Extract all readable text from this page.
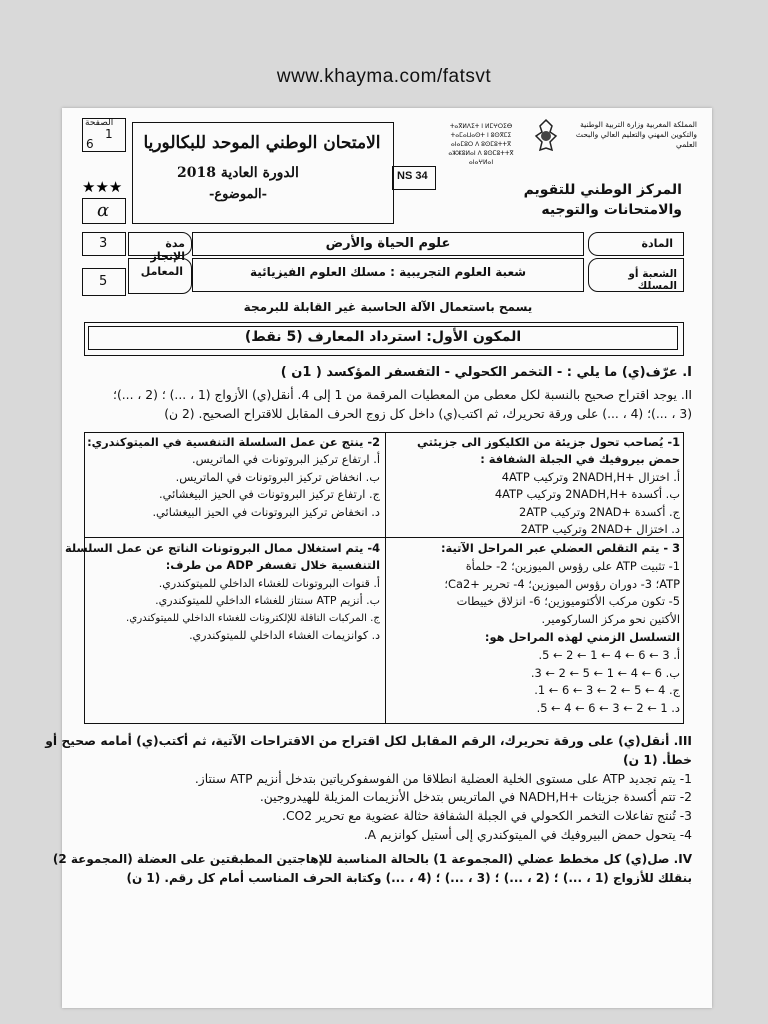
www.khayma.com/fatsvt
الصفحة
1
6
★★★
α
الامتحان الوطني الموحد للبكالوريا
الدورة العادية 2018
-الموضوع-
NS 34
ⵜⴰⴳⵍⴷⵉⵜ ⵏ ⵍⵎⵖⵔⵉⴱ ⵜⴰⵎⴰⵡⴰⵙⵜ ⵏ ⵓⵙⴳⵎⵉ ⴰⵏⴰⵎⵓⵔ ⴷ ⵓⵙⵎⵓⵜⵜⴳ ⴰⵣⵣⵓⵍⴰⵏ ⴷ ⵓⵙⵎⵓⵜⵜⴳ ⴰⵏⴰⵖⵍⴰⵏ
المملكة المغربية وزارة التربية الوطنية والتكوين المهني والتعليم العالي والبحث العلمي
المركز الوطني للتقويم والامتحانات والتوجيه
مدة الإنجاز
3	علوم الحياة والأرض	المادة
المعامل
5
شعبة العلوم التجريبية : مسلك العلوم الفيزيائية	الشعبة أو المسلك
يسمح باستعمال الآلة الحاسبة غير القابلة للبرمجة
المكون الأول: استرداد المعارف (5 نقط)
I. عرّف(ي) ما يلي : - التخمر الكحولي - التفسفر المؤكسد ( 1ن )
II. يوجد اقتراح صحيح بالنسبة لكل معطى من المعطيات المرقمة من 1 إلى 4. أنقل(ي) الأزواج (1 ، ...) ؛ (2 ، ...)؛
(3 ، ...)؛ (4 ، ...) على ورقة تحريرك، ثم اكتب(ي) داخل كل زوج الحرف المقابل للاقتراح الصحيح. (2 ن)
1- يُصاحب تحول جزيئة من الكليكوز الى جزيئتي
حمض بيروفيك في الجبلة الشفافة :
أ. اختزال +2NADH,H وتركيب 4ATP
ب. أكسدة +2NADH,H وتركيب 4ATP
ج. أكسدة +2NAD وتركيب 2ATP
د. اختزال +2NAD وتركيب 2ATP
2- ينتج عن عمل السلسلة التنفسية في الميتوكندري:
أ. ارتفاع تركيز البروتونات في الماتريس.
ب. انخفاض تركيز البروتونات في الماتريس.
ج. ارتفاع تركيز البروتونات في الحيز البيغشائي.
د. انخفاض تركيز البروتونات في الحيز البيغشائي.
3 - يتم التقلص العضلي عبر المراحل الآتية:
1- تثبيت ATP على رؤوس الميوزين؛ 2- حلمأة
ATP؛ 3- دوران رؤوس الميوزين؛ 4- تحرير +Ca2؛
5- تكون مركب الأكتوميوزين؛ 6- انزلاق خييطات
الأكتين نحو مركز الساركومير.
التسلسل الزمني لهذه المراحل هو:
أ. 3 ← 6 ← 4 ← 1 ← 2 ← 5.
ب. 6 ← 4 ← 1 ← 5 ← 2 ← 3.
ج. 4 ← 5 ← 2 ← 3 ← 6 ← 1.
د. 1 ← 2 ← 3 ← 6 ← 4 ← 5.
4- يتم استغلال ممال البروتونات الناتج عن عمل السلسلة
التنفسية خلال تفسفر ADP من طرف:
أ. قنوات البروتونات للغشاء الداخلي للميتوكندري.
ب. أنزيم ATP سنتاز للغشاء الداخلي للميتوكندري.
ج. المركبات الناقلة للإلكترونات للغشاء الداخلي للميتوكندري.
د. كوانزيمات الغشاء الداخلي للميتوكندري.
III. أنقل(ي) على ورقة تحريرك، الرقم المقابل لكل اقتراح من الاقتراحات الآتية، ثم أكتب(ي) أمامه صحيح أو
خطأ. (1 ن)
1- يتم تجديد ATP على مستوى الخلية العضلية انطلاقا من الفوسفوكرياتين بتدخل أنزيم ATP سنتاز.
2- تتم أكسدة جزيئات +NADH,H في الماتريس بتدخل الأنزيمات المزيلة للهيدروجين.
3- تُنتج تفاعلات التخمر الكحولي في الجبلة الشفافة حثالة عضوية مع تحرير CO2.
4- يتحول حمض البيروفيك في الميتوكندري إلى أستيل كوانزيم A.
IV. صل(ي) كل مخطط عضلي (المجموعة 1) بالحالة المناسبة للإهاجتين المطبقتين على العضلة (المجموعة 2)
بنقلك للأزواج (1 ، ...) ؛ (2 ، ...) ؛ (3 ، ...) ؛ (4 ، ...) وكتابة الحرف المناسب أمام كل رقم. (1 ن)
